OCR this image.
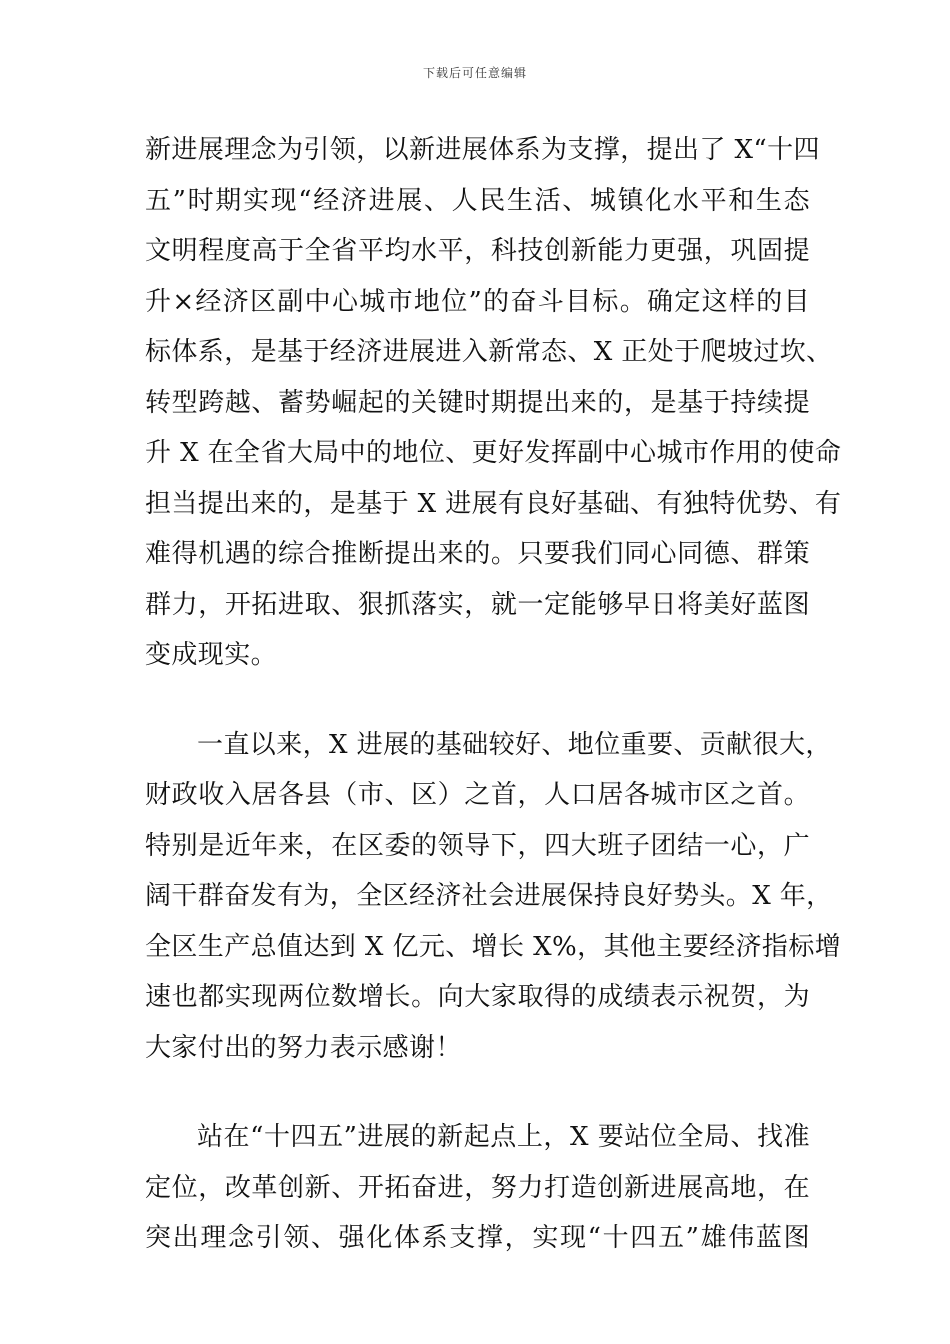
下载后可任意编辑
新进展理念为引领，以新进展体系为支撑，提出了 X“十四
五”时期实现“经济进展、人民生活、城镇化水平和生态
文明程度高于全省平均水平，科技创新能力更强，巩固提
升×经济区副中心城市地位”的奋斗目标。确定这样的目
标体系，是基于经济进展进入新常态、X 正处于爬坡过坎、
转型跨越、蓄势崛起的关键时期提出来的，是基于持续提
升 X 在全省大局中的地位、更好发挥副中心城市作用的使命
担当提出来的，是基于 X 进展有良好基础、有独特优势、有
难得机遇的综合推断提出来的。只要我们同心同德、群策
群力，开拓进取、狠抓落实，就一定能够早日将美好蓝图
变成现实。
一直以来，X 进展的基础较好、地位重要、贡献很大，
财政收入居各县（市、区）之首，人口居各城市区之首。
特别是近年来，在区委的领导下，四大班子团结一心，广
阔干群奋发有为，全区经济社会进展保持良好势头。X 年，
全区生产总值达到 X 亿元、增长 X%，其他主要经济指标增
速也都实现两位数增长。向大家取得的成绩表示祝贺，为
大家付出的努力表示感谢！
站在“十四五”进展的新起点上，X 要站位全局、找准
定位，改革创新、开拓奋进，努力打造创新进展高地，在
突出理念引领、强化体系支撑，实现“十四五”雄伟蓝图
